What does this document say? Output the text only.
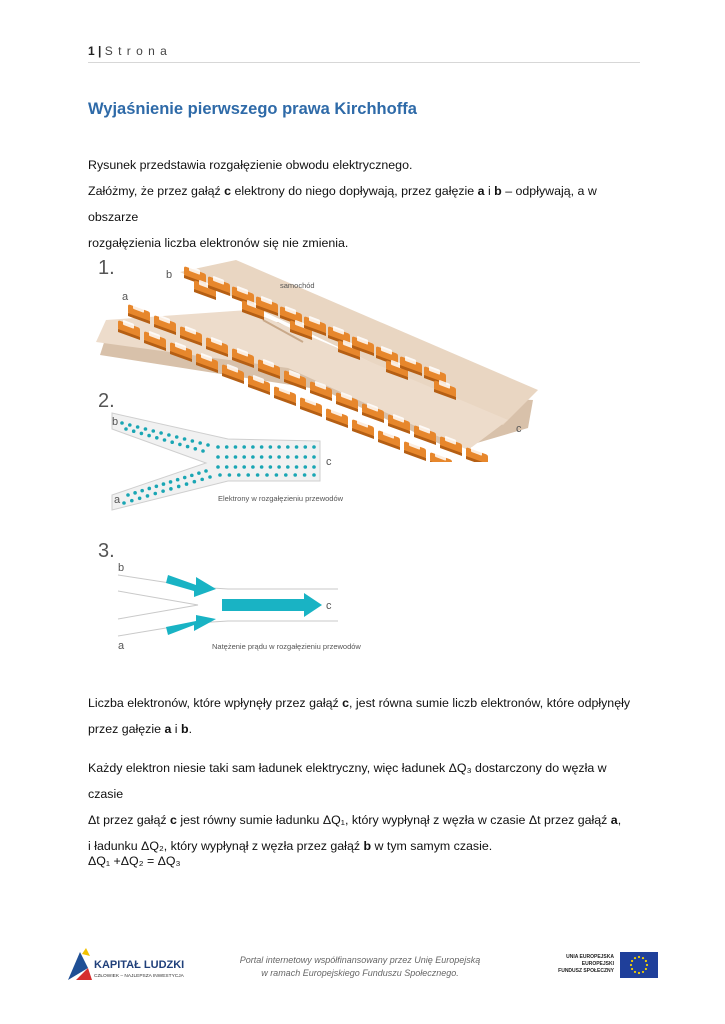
1 | S t r o n a
Wyjaśnienie pierwszego prawa Kirchhoffa
Rysunek przedstawia rozgałęzienie obwodu elektrycznego.
Załóżmy, że przez gałąź c elektrony do niego dopływają, przez gałęzie a i b – odpływają, a w obszarze
rozgałęzienia liczba elektronów się nie zmienia.
1.	b
a
samochód
c
2.
b
a
c
Elektrony w rozgałęzieniu przewodów
3.
b
a
c
Natężenie prądu w rozgałęzieniu przewodów
Liczba elektronów, które wpłynęły przez gałąź c, jest równa sumie liczb elektronów, które odpłynęły
przez gałęzie a i b.
Każdy elektron niesie taki sam ładunek elektryczny, więc ładunek ΔQ₃ dostarczony do węzła w czasie
Δt przez gałąź c jest równy sumie ładunku ΔQ₁, który wypłynął z węzła w czasie Δt przez gałąź a,
i ładunku ΔQ₂, który wypłynął z węzła przez gałąź b w tym samym czasie.
ΔQ₁ +ΔQ₂ = ΔQ₃
KAPITAŁ LUDZKI
CZŁOWIEK – NAJLEPSZA INWESTYCJA
Portal internetowy współfinansowany przez Unię Europejską
w ramach Europejskiego Funduszu Społecznego.
UNIA EUROPEJSKA
EUROPEJSKI
FUNDUSZ SPOŁECZNY
